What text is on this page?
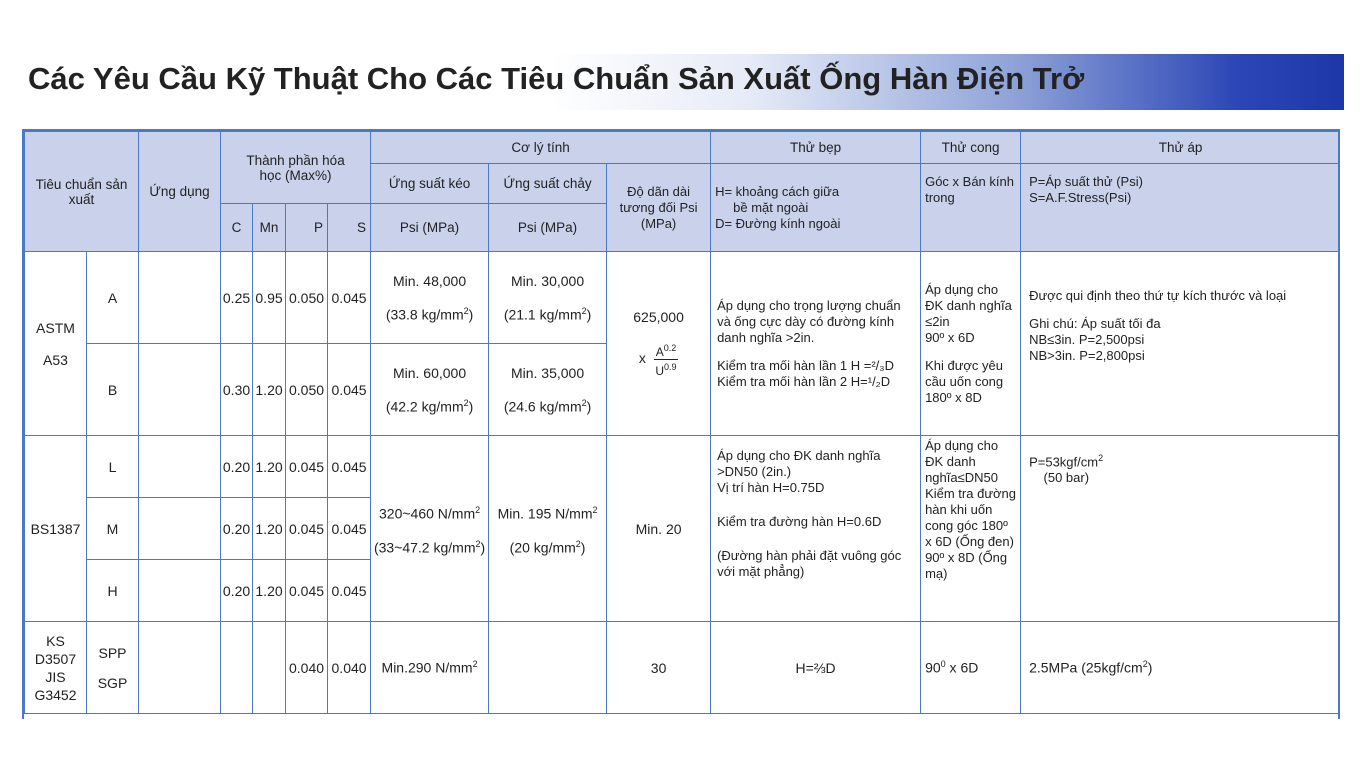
Các Yêu Cầu Kỹ Thuật Cho Các Tiêu Chuẩn Sản Xuất Ống Hàn Điện Trở
Tiêu chuẩn sản xuất		Ứng dụng	Thành phần hóa học (Max%)				Cơ lý tính			Thử bẹp	Thử cong	Thử áp
							Ứng suất kéo	Ứng suất chảy	Độ dãn dài tương đối Psi (MPa)	H= khoảng cách giữa
bề mặt ngoài
D= Đường kính ngoài	Góc x Bán kính trong	P=Áp suất thử (Psi)
S=A.F.Stress(Psi)
			C	Mn	P	S	Psi (MPa)	Psi (MPa)				
ASTM

A53	A		0.25	0.95	0.050	0.045	Min. 48,000
(33.8 $kg/mm^2$)	Min. 30,000
(21.1 $kg/mm^2$)	625,000

x $\frac{A^{0.2}}{U^{0.9}}$	Áp dụng cho trọng lượng chuẩn và ống cực dày có đường kính danh nghĩa >2in.
Kiểm tra mối hàn lần 1 H =²/₃D
Kiểm tra mối hàn lần 2 H=¹/₂D	Áp dụng cho ĐK danh nghĩa ≤2in
90º x 6D
Khi được yêu cầu uốn cong
180º x 8D	Được qui định theo thứ tự kích thước và loại
Ghi chú: Áp suất tối đa
NB≤3in. P=2,500psi
NB>3in. P=2,800psi
	B		0.30	1.20	0.050	0.045	Min. 60,000
(42.2 $kg/mm^2$)	Min. 35,000
(24.6 $kg/mm^2$)				
BS1387	L		0.20	1.20	0.045	0.045	320~460 $N/mm^2$
(33~47.2 $kg/mm^2$)	Min. 195 $N/mm^2$
(20 $kg/mm^2$)	Min. 20	Áp dụng cho ĐK danh nghĩa >DN50 (2in.)
Vị trí hàn H=0.75D
Kiểm tra đường hàn H=0.6D
(Đường hàn phải đặt vuông góc với mặt phẳng)	Áp dụng cho ĐK danh nghĩa≤DN50
Kiểm tra đường hàn khi uốn cong góc 180º x 6D (Ống đen)
90º x 8D (Ống mạ)	$P=53kgf/cm^2$
(50 bar)
	M		0.20	1.20	0.045	0.045						
	H		0.20	1.20	0.045	0.045						
KS
D3507
JIS
G3452	SPP
SGP				0.040	0.040	Min.290 $N/mm^2$		30	H=⅔D	$90^0$ x 6D	2.5MPa $(25kgf/cm^2)$
